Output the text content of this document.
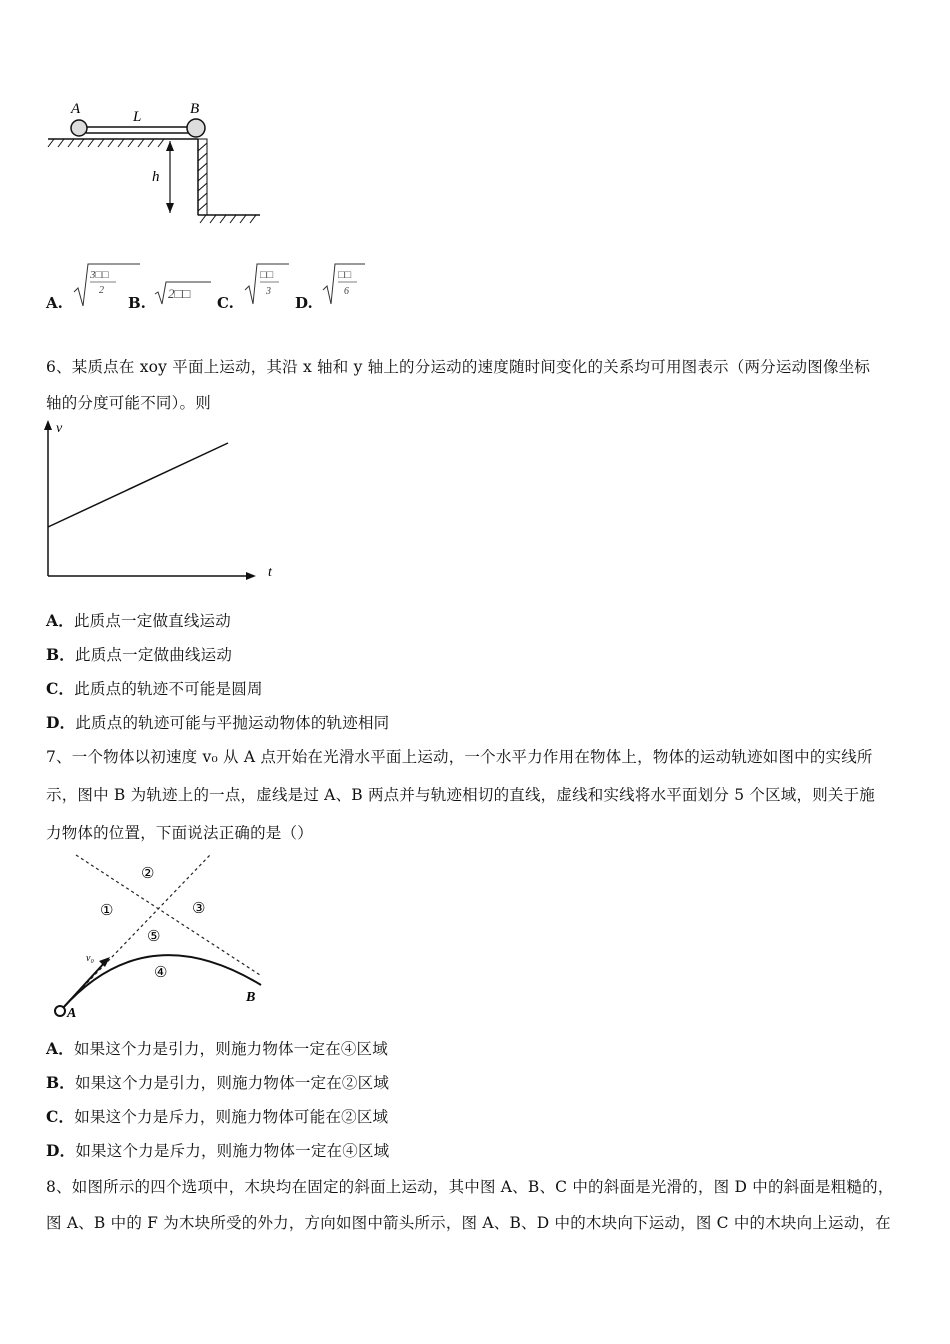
A	B
L
h
A.
3□□
2
B.
2□□
C.
□□
3
D.
□□
6
6、某质点在 xoy 平面上运动，其沿 x 轴和 y 轴上的分运动的速度随时间变化的关系均可用图表示（两分运动图像坐标
轴的分度可能不同）。则
v
t
A．此质点一定做直线运动
B．此质点一定做曲线运动
C．此质点的轨迹不可能是圆周
D．此质点的轨迹可能与平抛运动物体的轨迹相同
7、一个物体以初速度 v₀ 从 A 点开始在光滑水平面上运动，一个水平力作用在物体上，物体的运动轨迹如图中的实线所
示，图中 B 为轨迹上的一点，虚线是过 A、B 两点并与轨迹相切的直线，虚线和实线将水平面划分 5 个区域，则关于施
力物体的位置，下面说法正确的是（）
①
②
③
④
⑤
v₀
A
B
A．如果这个力是引力，则施力物体一定在④区域
B．如果这个力是引力，则施力物体一定在②区域
C．如果这个力是斥力，则施力物体可能在②区域
D．如果这个力是斥力，则施力物体一定在④区域
8、如图所示的四个选项中，木块均在固定的斜面上运动，其中图 A、B、C 中的斜面是光滑的，图 D 中的斜面是粗糙的，
图 A、B 中的 F 为木块所受的外力，方向如图中箭头所示，图 A、B、D 中的木块向下运动，图 C 中的木块向上运动，在
